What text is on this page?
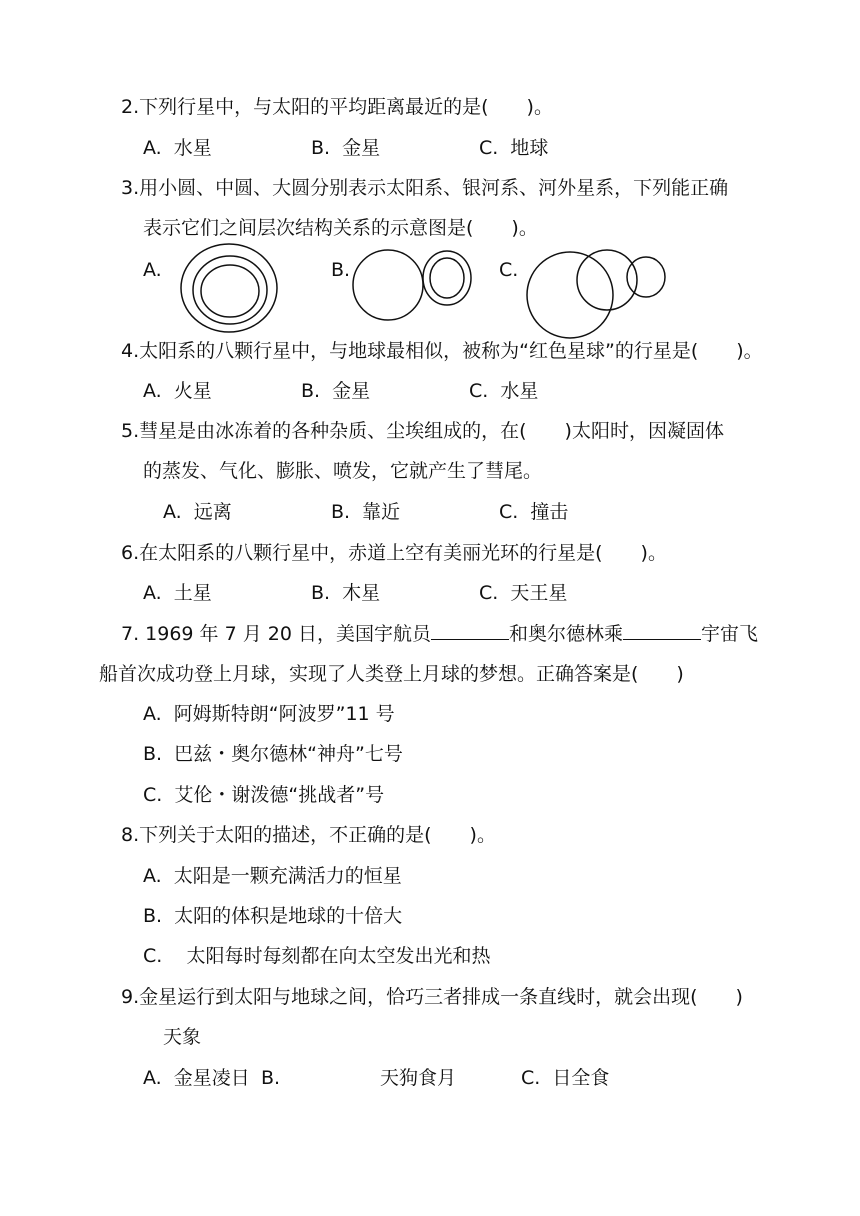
2.下列行星中，与太阳的平均距离最近的是(　　)。
A.  水星	B.  金星	C.  地球
3.用小圆、中圆、大圆分别表示太阳系、银河系、河外星系，下列能正确
表示它们之间层次结构关系的示意图是(　　)。
A.	B.	C.
4.太阳系的八颗行星中，与地球最相似，被称为“红色星球”的行星是(　　)。
A.  火星	B.  金星	C.  水星
5.彗星是由冰冻着的各种杂质、尘埃组成的，在(　　)太阳时，因凝固体
的蒸发、气化、膨胀、喷发，它就产生了彗尾。
A.  远离	B.  靠近	C.  撞击
6.在太阳系的八颗行星中，赤道上空有美丽光环的行星是(　　)。
A.  土星	B.  木星	C.  天王星
7. 1969 年 7 月 20 日，美国宇航员	和奥尔德林乘	宇宙飞
船首次成功登上月球，实现了人类登上月球的梦想。正确答案是(　　)
A.  阿姆斯特朗“阿波罗”11 号
B.  巴兹・奥尔德林“神舟”七号
C.  艾伦・谢泼德“挑战者”号
8.下列关于太阳的描述，不正确的是(　　)。
A.  太阳是一颗充满活力的恒星
B.  太阳的体积是地球的十倍大
C.    太阳每时每刻都在向太空发出光和热
9.金星运行到太阳与地球之间，恰巧三者排成一条直线时，就会出现(　　)
天象
A.  金星凌日 B.	天狗食月	C.  日全食
